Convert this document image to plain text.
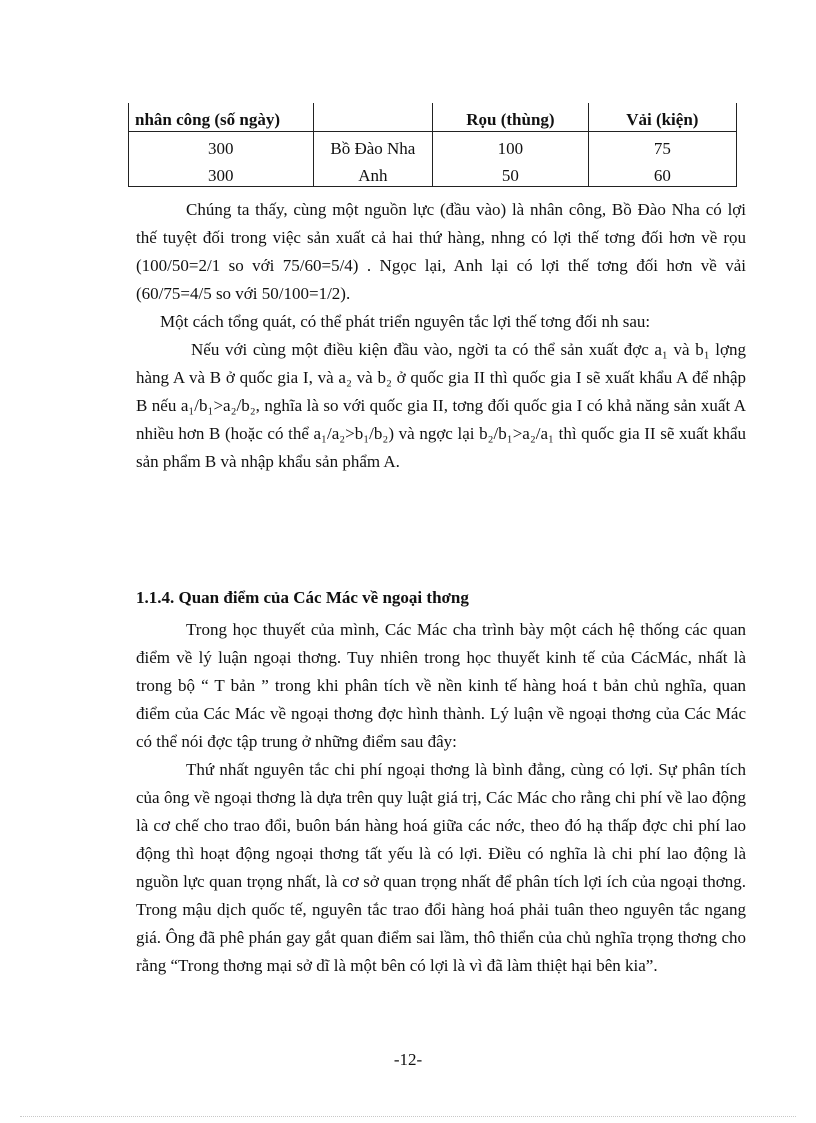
nhân công (số ngày)		Rọu (thùng)	Vải (kiện)
300	Bồ Đào Nha	100	75
300	Anh	50	60

Chúng ta thấy, cùng một nguồn lực (đầu vào) là nhân công, Bồ Đào Nha có lợi thế tuyệt đối trong việc sản xuất cả hai thứ hàng, nhng có lợi thế tơng đối hơn về rọu (100/50=2/1 so với 75/60=5/4) . Ngọc lại, Anh lại có lợi thế tơng đối hơn về vải (60/75=4/5 so với 50/100=1/2).

Một cách tổng quát, có thể phát triển nguyên tắc lợi thế tơng đối nh sau:

Nếu với cùng một điều kiện đầu vào, ngời ta có thể sản xuất đợc a₁ và b₁ lợng hàng A và B ở quốc gia I, và a₂ và b₂ ở quốc gia II thì quốc gia I sẽ xuất khẩu A để nhập B nếu a₁/b₁>a₂/b₂, nghĩa là so với quốc gia II, tơng đối quốc gia I có khả năng sản xuất A nhiều hơn B (hoặc có thể a₁/a₂>b₁/b₂) và ngợc lại b₂/b₁>a₂/a₁ thì quốc gia II sẽ xuất khẩu sản phẩm B và nhập khẩu sản phẩm A.

1.1.4. Quan điểm của Các Mác về ngoại thơng

Trong học thuyết của mình, Các Mác cha trình bày một cách hệ thống các quan điểm về lý luận ngoại thơng. Tuy nhiên trong học thuyết kinh tế của CácMác, nhất là trong bộ “ T bản ” trong khi phân tích về nền kinh tế hàng hoá t bản chủ nghĩa, quan điểm của Các Mác về ngoại thơng đợc hình thành. Lý luận về ngoại thơng của Các Mác có thể nói đợc tập trung ở những điểm sau đây:

Thứ nhất nguyên tắc chi phí ngoại thơng là bình đẳng, cùng có lợi. Sự phân tích của ông về ngoại thơng là dựa trên quy luật giá trị, Các Mác cho rằng chi phí về lao động là cơ chế cho trao đổi, buôn bán hàng hoá giữa các nớc, theo đó hạ thấp đợc chi phí lao động thì hoạt động ngoại thơng tất yếu là có lợi. Điều có nghĩa là chi phí lao động là nguồn lực quan trọng nhất, là cơ sở quan trọng nhất để phân tích lợi ích của ngoại thơng. Trong mậu dịch quốc tế, nguyên tắc trao đổi hàng hoá phải tuân theo nguyên tắc ngang giá. Ông đã phê phán gay gắt quan điểm sai lầm, thô thiển của chủ nghĩa trọng thơng cho rằng “Trong thơng mại sở dĩ là một bên có lợi là vì đã làm thiệt hại bên kia”.

-12-
